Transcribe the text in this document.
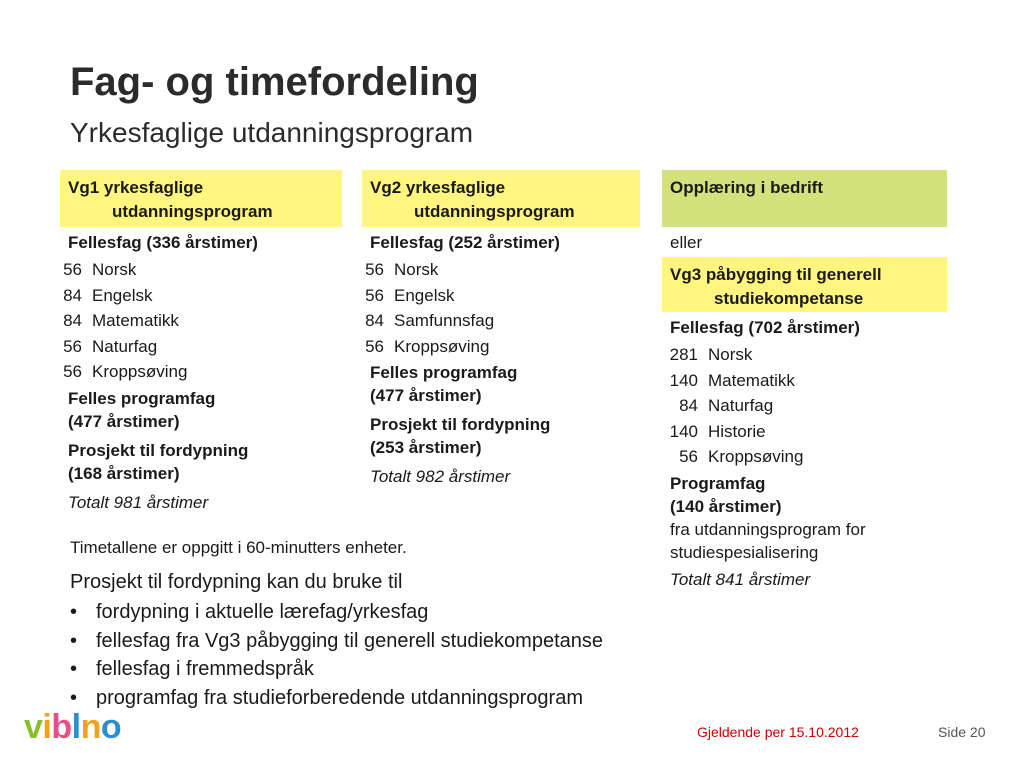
Fag- og timefordeling
Yrkesfaglige utdanningsprogram
Vg1 yrkesfaglige
utdanningsprogram
Fellesfag (336 årstimer)
56 Norsk
84 Engelsk
84 Matematikk
56 Naturfag
56 Kroppsøving
Felles programfag
(477 årstimer)
Prosjekt til fordypning
(168 årstimer)
Totalt 981 årstimer
Vg2 yrkesfaglige
utdanningsprogram
Fellesfag (252 årstimer)
56 Norsk
56 Engelsk
84 Samfunnsfag
56 Kroppsøving
Felles programfag
(477 årstimer)
Prosjekt til fordypning
(253 årstimer)
Totalt 982 årstimer
Opplæring i bedrift
eller
Vg3 påbygging til generell
studiekompetanse
Fellesfag (702 årstimer)
281 Norsk
140 Matematikk
84 Naturfag
140 Historie
56 Kroppsøving
Programfag
(140 årstimer)
fra utdanningsprogram for
studiespesialisering
Totalt 841 årstimer
Timetallene er oppgitt i 60-minutters enheter.
Prosjekt til fordypning kan du bruke til
• fordypning i aktuelle lærefag/yrkesfag
• fellesfag fra Vg3 påbygging til generell studiekompetanse
• fellesfag i fremmedspråk
• programfag fra studieforberedende utdanningsprogram
viblno	Gjeldende per 15.10.2012	Side 20
